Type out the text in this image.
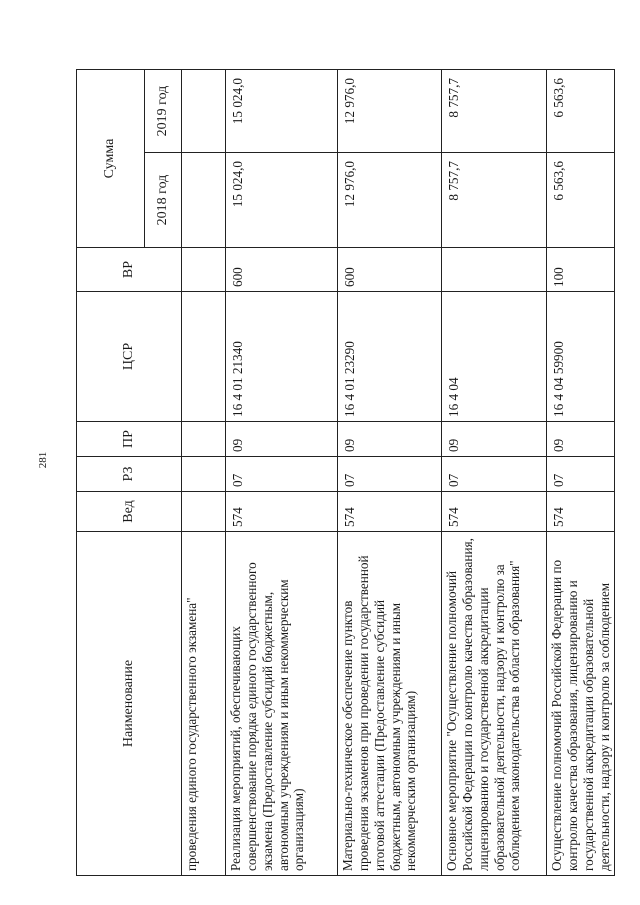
281
Наименование	Вед	РЗ	ПР	ЦСР	ВР	Сумма	
						2018 год	2019 год
проведения единого государственного экзамена"							
Реализация мероприятий, обеспечивающих совершенствование порядка единого государственного экзамена (Предоставление субсидий бюджетным, автономным учреждениям и иным некоммерческим организациям)	574	07	09	16 4 01 21340	600	15 024,0	15 024,0
Материально-техническое обеспечение пунктов проведения экзаменов при проведении государственной итоговой аттестации (Предоставление субсидий бюджетным, автономным учреждениям и иным некоммерческим организациям)	574	07	09	16 4 01 23290	600	12 976,0	12 976,0
Основное мероприятие "Осуществление полномочий Российской Федерации по контролю качества образования, лицензированию и государственной аккредитации образовательной деятельности, надзору и контролю за соблюдением законодательства в области образования"	574	07	09	16 4 04		8 757,7	8 757,7
Осуществление полномочий Российской Федерации по контролю качества образования, лицензированию и государственной аккредитации образовательной деятельности, надзору и контролю за соблюдением	574	07	09	16 4 04 59900	100	6 563,6	6 563,6
